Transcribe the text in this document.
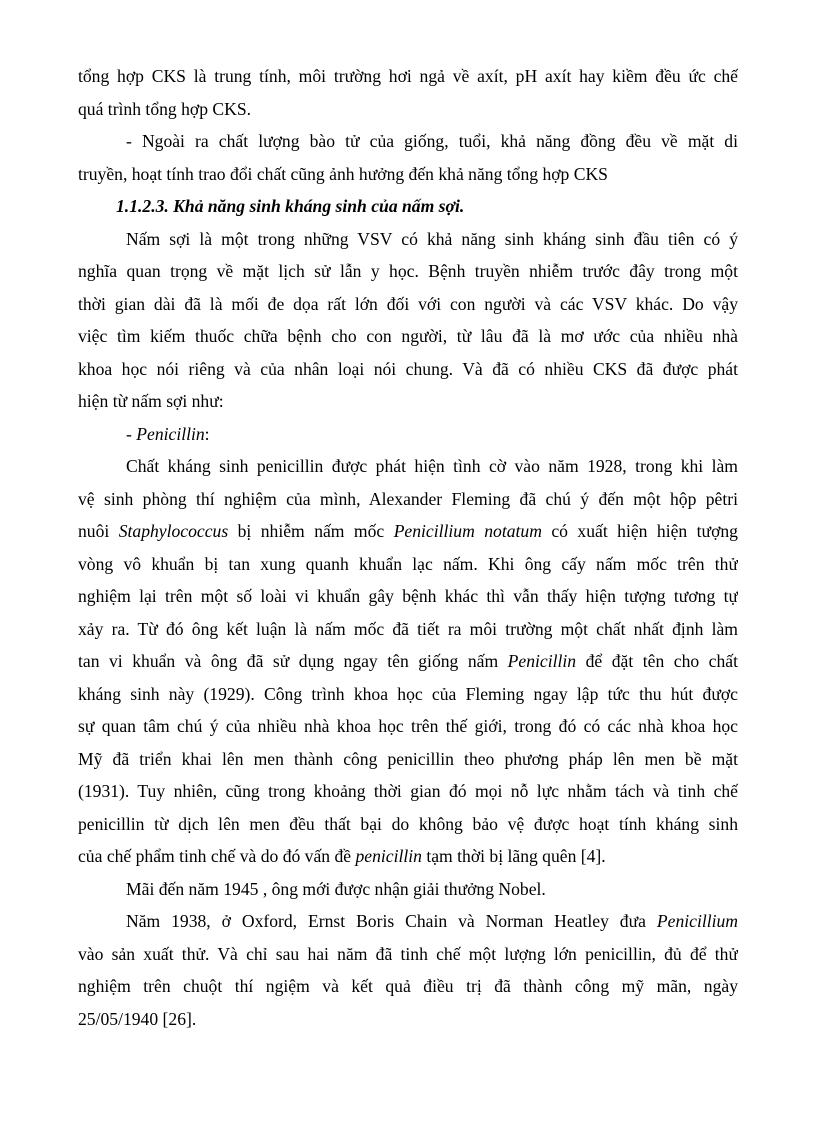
tổng hợp CKS là trung tính, môi trường hơi ngả về axít, pH axít hay kiềm đều ức chế
quá trình tổng hợp CKS.
- Ngoài ra chất lượng bào tử của giống, tuổi, khả năng đồng đều về mặt di
truyền, hoạt tính trao đổi chất cũng ảnh hưởng đến khả năng tổng hợp CKS
1.1.2.3. Khả năng sinh kháng sinh của nấm sợi.
Nấm sợi là một trong những VSV có khả năng sinh kháng sinh đầu tiên có ý
nghĩa quan trọng về mặt lịch sử lẫn y học. Bệnh truyền nhiễm trước đây trong một
thời gian dài đã là mối đe dọa rất lớn đối với con người và các VSV khác. Do vậy
việc tìm kiếm thuốc chữa bệnh cho con người, từ lâu đã là mơ ước của nhiều nhà
khoa học nói riêng và của nhân loại nói chung. Và đã có nhiều CKS đã được phát
hiện từ nấm sợi như:
- Penicillin:
Chất kháng sinh penicillin được phát hiện tình cờ vào năm 1928, trong khi làm
vệ sinh phòng thí nghiệm của mình, Alexander Fleming đã chú ý đến một hộp pêtri
nuôi Staphylococcus bị nhiễm nấm mốc Penicillium notatum có xuất hiện hiện tượng
vòng vô khuẩn bị tan xung quanh khuẩn lạc nấm. Khi ông cấy nấm mốc trên thử
nghiệm lại trên một số loài vi khuẩn gây bệnh khác thì vẫn thấy hiện tượng tương tự
xảy ra. Từ đó ông kết luận là nấm mốc đã tiết ra môi trường một chất nhất định làm
tan vi khuẩn và ông đã sử dụng ngay tên giống nấm Penicillin để đặt tên cho chất
kháng sinh này (1929). Công trình khoa học của Fleming ngay lập tức thu hút được
sự quan tâm chú ý của nhiều nhà khoa học trên thế giới, trong đó có các nhà khoa học
Mỹ đã triển khai lên men thành công penicillin theo phương pháp lên men bề mặt
(1931). Tuy nhiên, cũng trong khoảng thời gian đó mọi nỗ lực nhằm tách và tinh chế
penicillin từ dịch lên men đều thất bại do không bảo vệ được hoạt tính kháng sinh
của chế phẩm tinh chế và do đó vấn đề penicillin tạm thời bị lãng quên [4].
Mãi đến năm 1945 , ông mới được nhận giải thưởng Nobel.
Năm 1938, ở Oxford, Ernst Boris Chain và Norman Heatley đưa Penicillium
vào sản xuất thử. Và chỉ sau hai năm đã tinh chế một lượng lớn penicillin, đủ để thử
nghiệm trên chuột thí ngiệm và kết quả điều trị đã thành công mỹ mãn, ngày
25/05/1940 [26].
